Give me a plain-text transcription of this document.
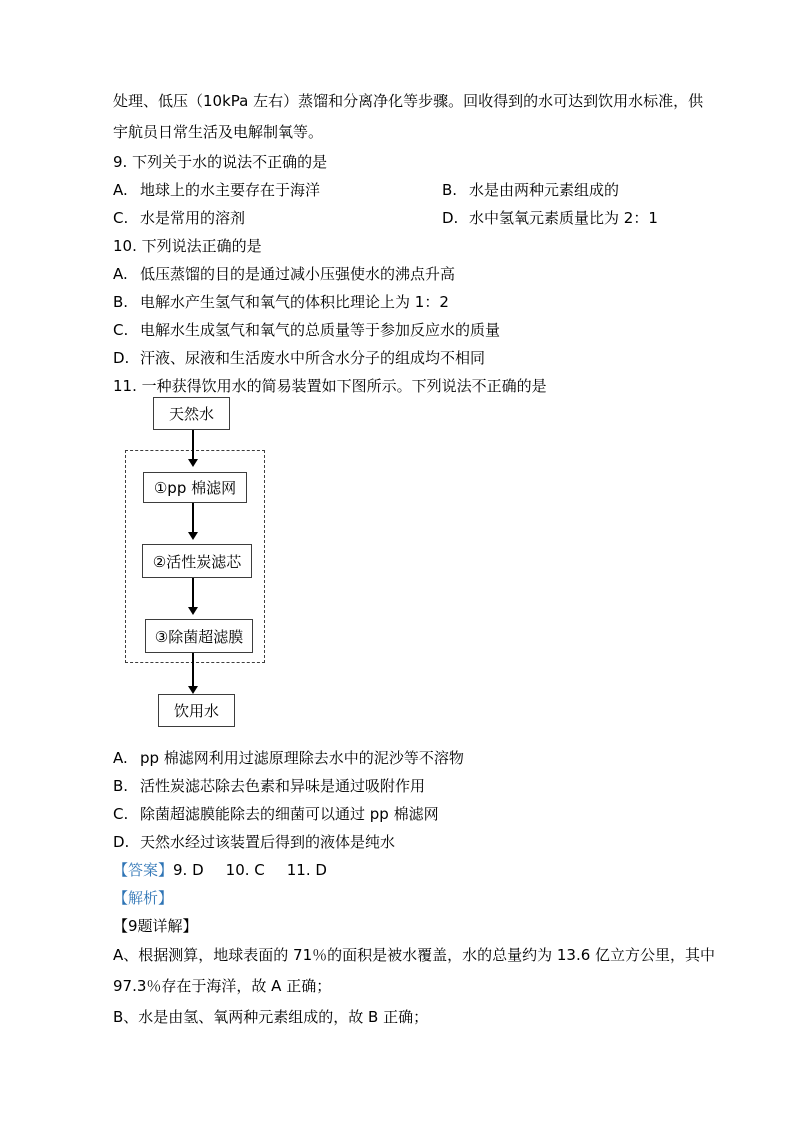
处理、低压（10kPa 左右）蒸馏和分离净化等步骤。回收得到的水可达到饮用水标准，供
宇航员日常生活及电解制氧等。
9. 下列关于水的说法不正确的是
A. 地球上的水主要存在于海洋	B. 水是由两种元素组成的
C. 水是常用的溶剂	D. 水中氢氧元素质量比为 2：1
10. 下列说法正确的是
A. 低压蒸馏的目的是通过减小压强使水的沸点升高
B. 电解水产生氢气和氧气的体积比理论上为 1：2
C. 电解水生成氢气和氧气的总质量等于参加反应水的质量
D. 汗液、尿液和生活废水中所含水分子的组成均不相同
11. 一种获得饮用水的简易装置如下图所示。下列说法不正确的是
天然水
①pp 棉滤网
②活性炭滤芯
③除菌超滤膜
饮用水
A. pp 棉滤网利用过滤原理除去水中的泥沙等不溶物
B. 活性炭滤芯除去色素和异味是通过吸附作用
C. 除菌超滤膜能除去的细菌可以通过 pp 棉滤网
D. 天然水经过该装置后得到的液体是纯水
【答案】9. D 10. C 11. D
【解析】
【9题详解】
A、根据测算，地球表面的 71％的面积是被水覆盖，水的总量约为 13.6 亿立方公里，其中
97.3％存在于海洋，故 A 正确；
B、水是由氢、氧两种元素组成的，故 B 正确；
